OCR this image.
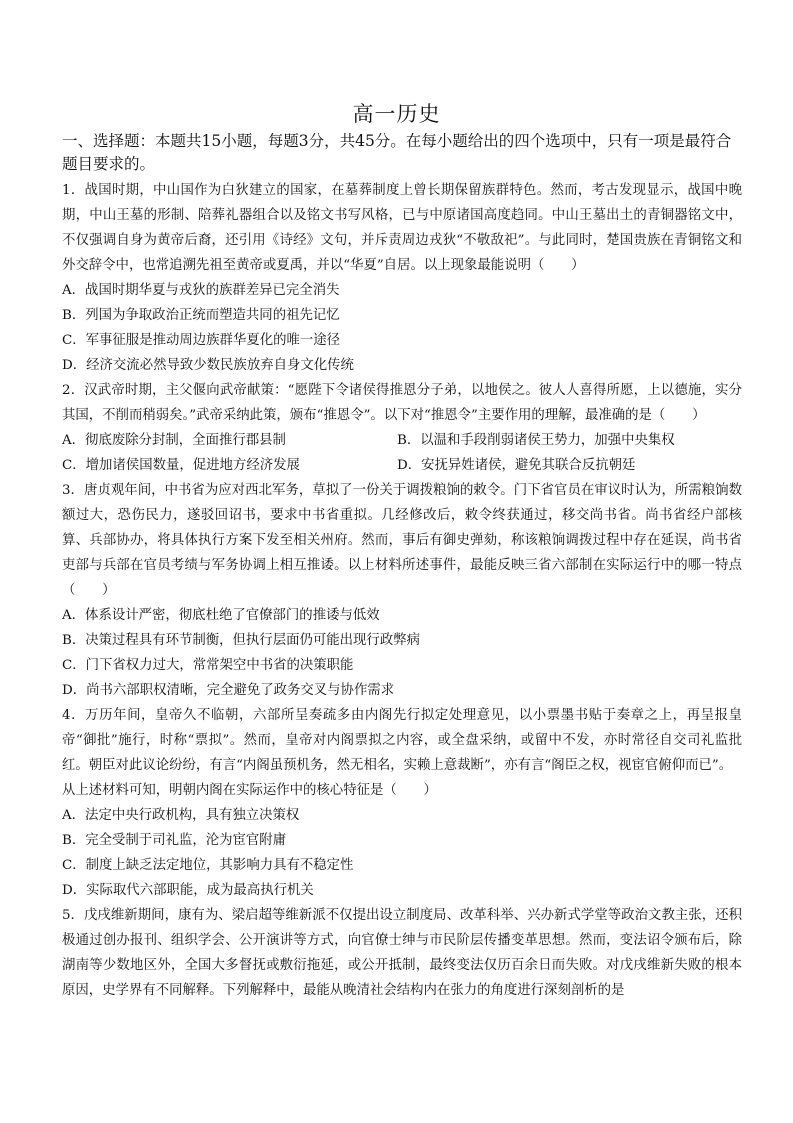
高一历史

一、选择题：本题共15小题，每题3分，共45分。在每小题给出的四个选项中，只有一项是最符合题目要求的。

1．战国时期，中山国作为白狄建立的国家，在墓葬制度上曾长期保留族群特色。然而，考古发现显示，战国中晚期，中山王墓的形制、陪葬礼器组合以及铭文书写风格，已与中原诸国高度趋同。中山王墓出土的青铜器铭文中，不仅强调自身为黄帝后裔，还引用《诗经》文句，并斥责周边戎狄“不敬敌祀”。与此同时，楚国贵族在青铜铭文和外交辞令中，也常追溯先祖至黄帝或夏禹，并以“华夏”自居。以上现象最能说明（　　）

A．战国时期华夏与戎狄的族群差异已完全消失

B．列国为争取政治正统而塑造共同的祖先记忆

C．军事征服是推动周边族群华夏化的唯一途径

D．经济交流必然导致少数民族放弃自身文化传统

2．汉武帝时期，主父偃向武帝献策：“愿陛下令诸侯得推恩分子弟，以地侯之。彼人人喜得所愿，上以德施，实分其国，不削而稍弱矣。”武帝采纳此策，颁布“推恩令”。以下对“推恩令”主要作用的理解，最准确的是（　　）

A．彻底废除分封制，全面推行郡县制	B．以温和手段削弱诸侯王势力，加强中央集权
C．增加诸侯国数量，促进地方经济发展	D．安抚异姓诸侯，避免其联合反抗朝廷

3．唐贞观年间，中书省为应对西北军务，草拟了一份关于调拨粮饷的敕令。门下省官员在审议时认为，所需粮饷数额过大，恐伤民力，遂驳回诏书，要求中书省重拟。几经修改后，敕令终获通过，移交尚书省。尚书省经户部核算、兵部协办，将具体执行方案下发至相关州府。然而，事后有御史弹劾，称该粮饷调拨过程中存在延误，尚书省吏部与兵部在官员考绩与军务协调上相互推诿。以上材料所述事件，最能反映三省六部制在实际运行中的哪一特点（　　）

A．体系设计严密，彻底杜绝了官僚部门的推诿与低效

B．决策过程具有环节制衡，但执行层面仍可能出现行政弊病

C．门下省权力过大，常常架空中书省的决策职能

D．尚书六部职权清晰，完全避免了政务交叉与协作需求

4．万历年间，皇帝久不临朝，六部所呈奏疏多由内阁先行拟定处理意见，以小票墨书贴于奏章之上，再呈报皇帝“御批”施行，时称“票拟”。然而，皇帝对内阁票拟之内容，或全盘采纳，或留中不发，亦时常径自交司礼监批红。朝臣对此议论纷纷，有言“内阁虽预机务，然无相名，实赖上意裁断”，亦有言“阁臣之权，视宦官俯仰而已”。

从上述材料可知，明朝内阁在实际运作中的核心特征是（　　）

A．法定中央行政机构，具有独立决策权

B．完全受制于司礼监，沦为宦官附庸

C．制度上缺乏法定地位，其影响力具有不稳定性

D．实际取代六部职能，成为最高执行机关

5．戊戌维新期间，康有为、梁启超等维新派不仅提出设立制度局、改革科举、兴办新式学堂等政治文教主张，还积极通过创办报刊、组织学会、公开演讲等方式，向官僚士绅与市民阶层传播变革思想。然而，变法诏令颁布后，除湖南等少数地区外，全国大多督抚或敷衍拖延，或公开抵制，最终变法仅历百余日而失败。对戊戌维新失败的根本原因，史学界有不同解释。下列解释中，最能从晚清社会结构内在张力的角度进行深刻剖析的是
